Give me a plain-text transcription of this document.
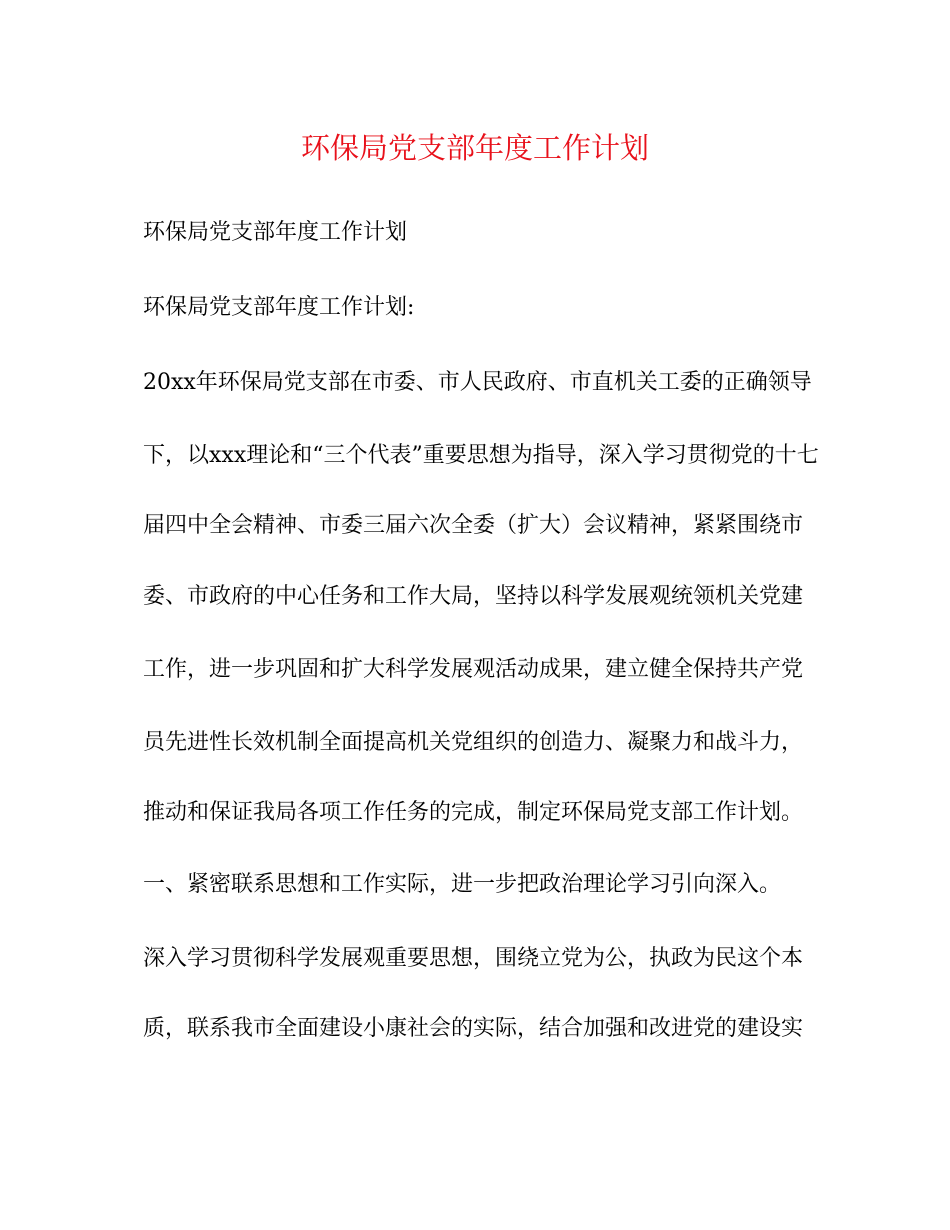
环保局党支部年度工作计划
环保局党支部年度工作计划
环保局党支部年度工作计划:
20xx年环保局党支部在市委、市人民政府、市直机关工委的正确领导
下，以xxx理论和“三个代表”重要思想为指导，深入学习贯彻党的十七
届四中全会精神、市委三届六次全委（扩大）会议精神，紧紧围绕市
委、市政府的中心任务和工作大局，坚持以科学发展观统领机关党建
工作，进一步巩固和扩大科学发展观活动成果，建立健全保持共产党
员先进性长效机制全面提高机关党组织的创造力、凝聚力和战斗力，
推动和保证我局各项工作任务的完成，制定环保局党支部工作计划。
一、紧密联系思想和工作实际，进一步把政治理论学习引向深入。
深入学习贯彻科学发展观重要思想，围绕立党为公，执政为民这个本
质，联系我市全面建设小康社会的实际，结合加强和改进党的建设实
